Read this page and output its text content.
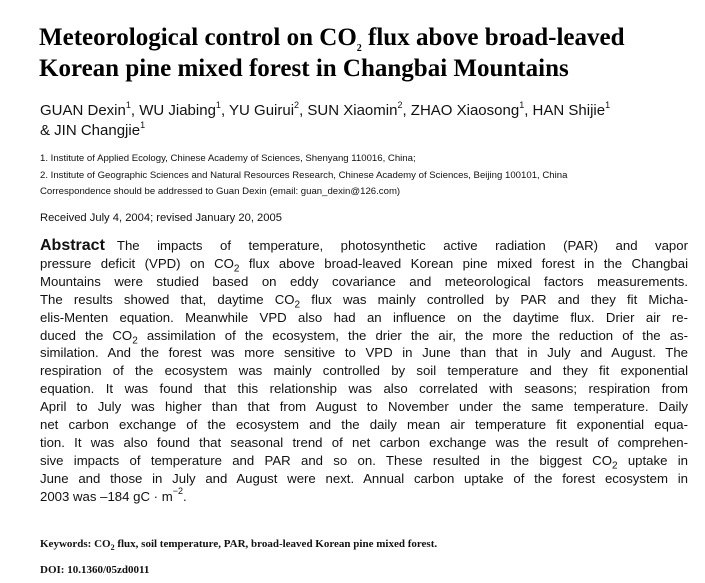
Meteorological control on $CO_2$ flux above broad-leaved
Korean pine mixed forest in Changbai Mountains
GUAN Dexin$^1$, WU Jiabing$^1$, YU Guirui$^2$, SUN Xiaomin$^2$, ZHAO Xiaosong$^1$, HAN Shijie$^1$
& JIN Changjie$^1$
1. Institute of Applied Ecology, Chinese Academy of Sciences, Shenyang 110016, China;
2. Institute of Geographic Sciences and Natural Resources Research, Chinese Academy of Sciences, Beijing 100101, China
Correspondence should be addressed to Guan Dexin (email: guan_dexin@126.com)
Received July 4, 2004; revised January 20, 2005
Abstract The impacts of temperature, photosynthetic active radiation (PAR) and vapor
pressure deficit (VPD) on $CO_2$ flux above broad-leaved Korean pine mixed forest in the Changbai
Mountains were studied based on eddy covariance and meteorological factors measurements.
The results showed that, daytime $CO_2$ flux was mainly controlled by PAR and they fit Micha-
elis-Menten equation. Meanwhile VPD also had an influence on the daytime flux. Drier air re-
duced the $CO_2$ assimilation of the ecosystem, the drier the air, the more the reduction of the as-
similation. And the forest was more sensitive to VPD in June than that in July and August. The
respiration of the ecosystem was mainly controlled by soil temperature and they fit exponential
equation. It was found that this relationship was also correlated with seasons; respiration from
April to July was higher than that from August to November under the same temperature. Daily
net carbon exchange of the ecosystem and the daily mean air temperature fit exponential equa-
tion. It was also found that seasonal trend of net carbon exchange was the result of comprehen-
sive impacts of temperature and PAR and so on. These resulted in the biggest $CO_2$ uptake in
June and those in July and August were next. Annual carbon uptake of the forest ecosystem in
2003 was –184 gC · $m^{-2}$.
Keywords: $CO_2$ flux, soil temperature, PAR, broad-leaved Korean pine mixed forest.
DOI: 10.1360/05zd0011
